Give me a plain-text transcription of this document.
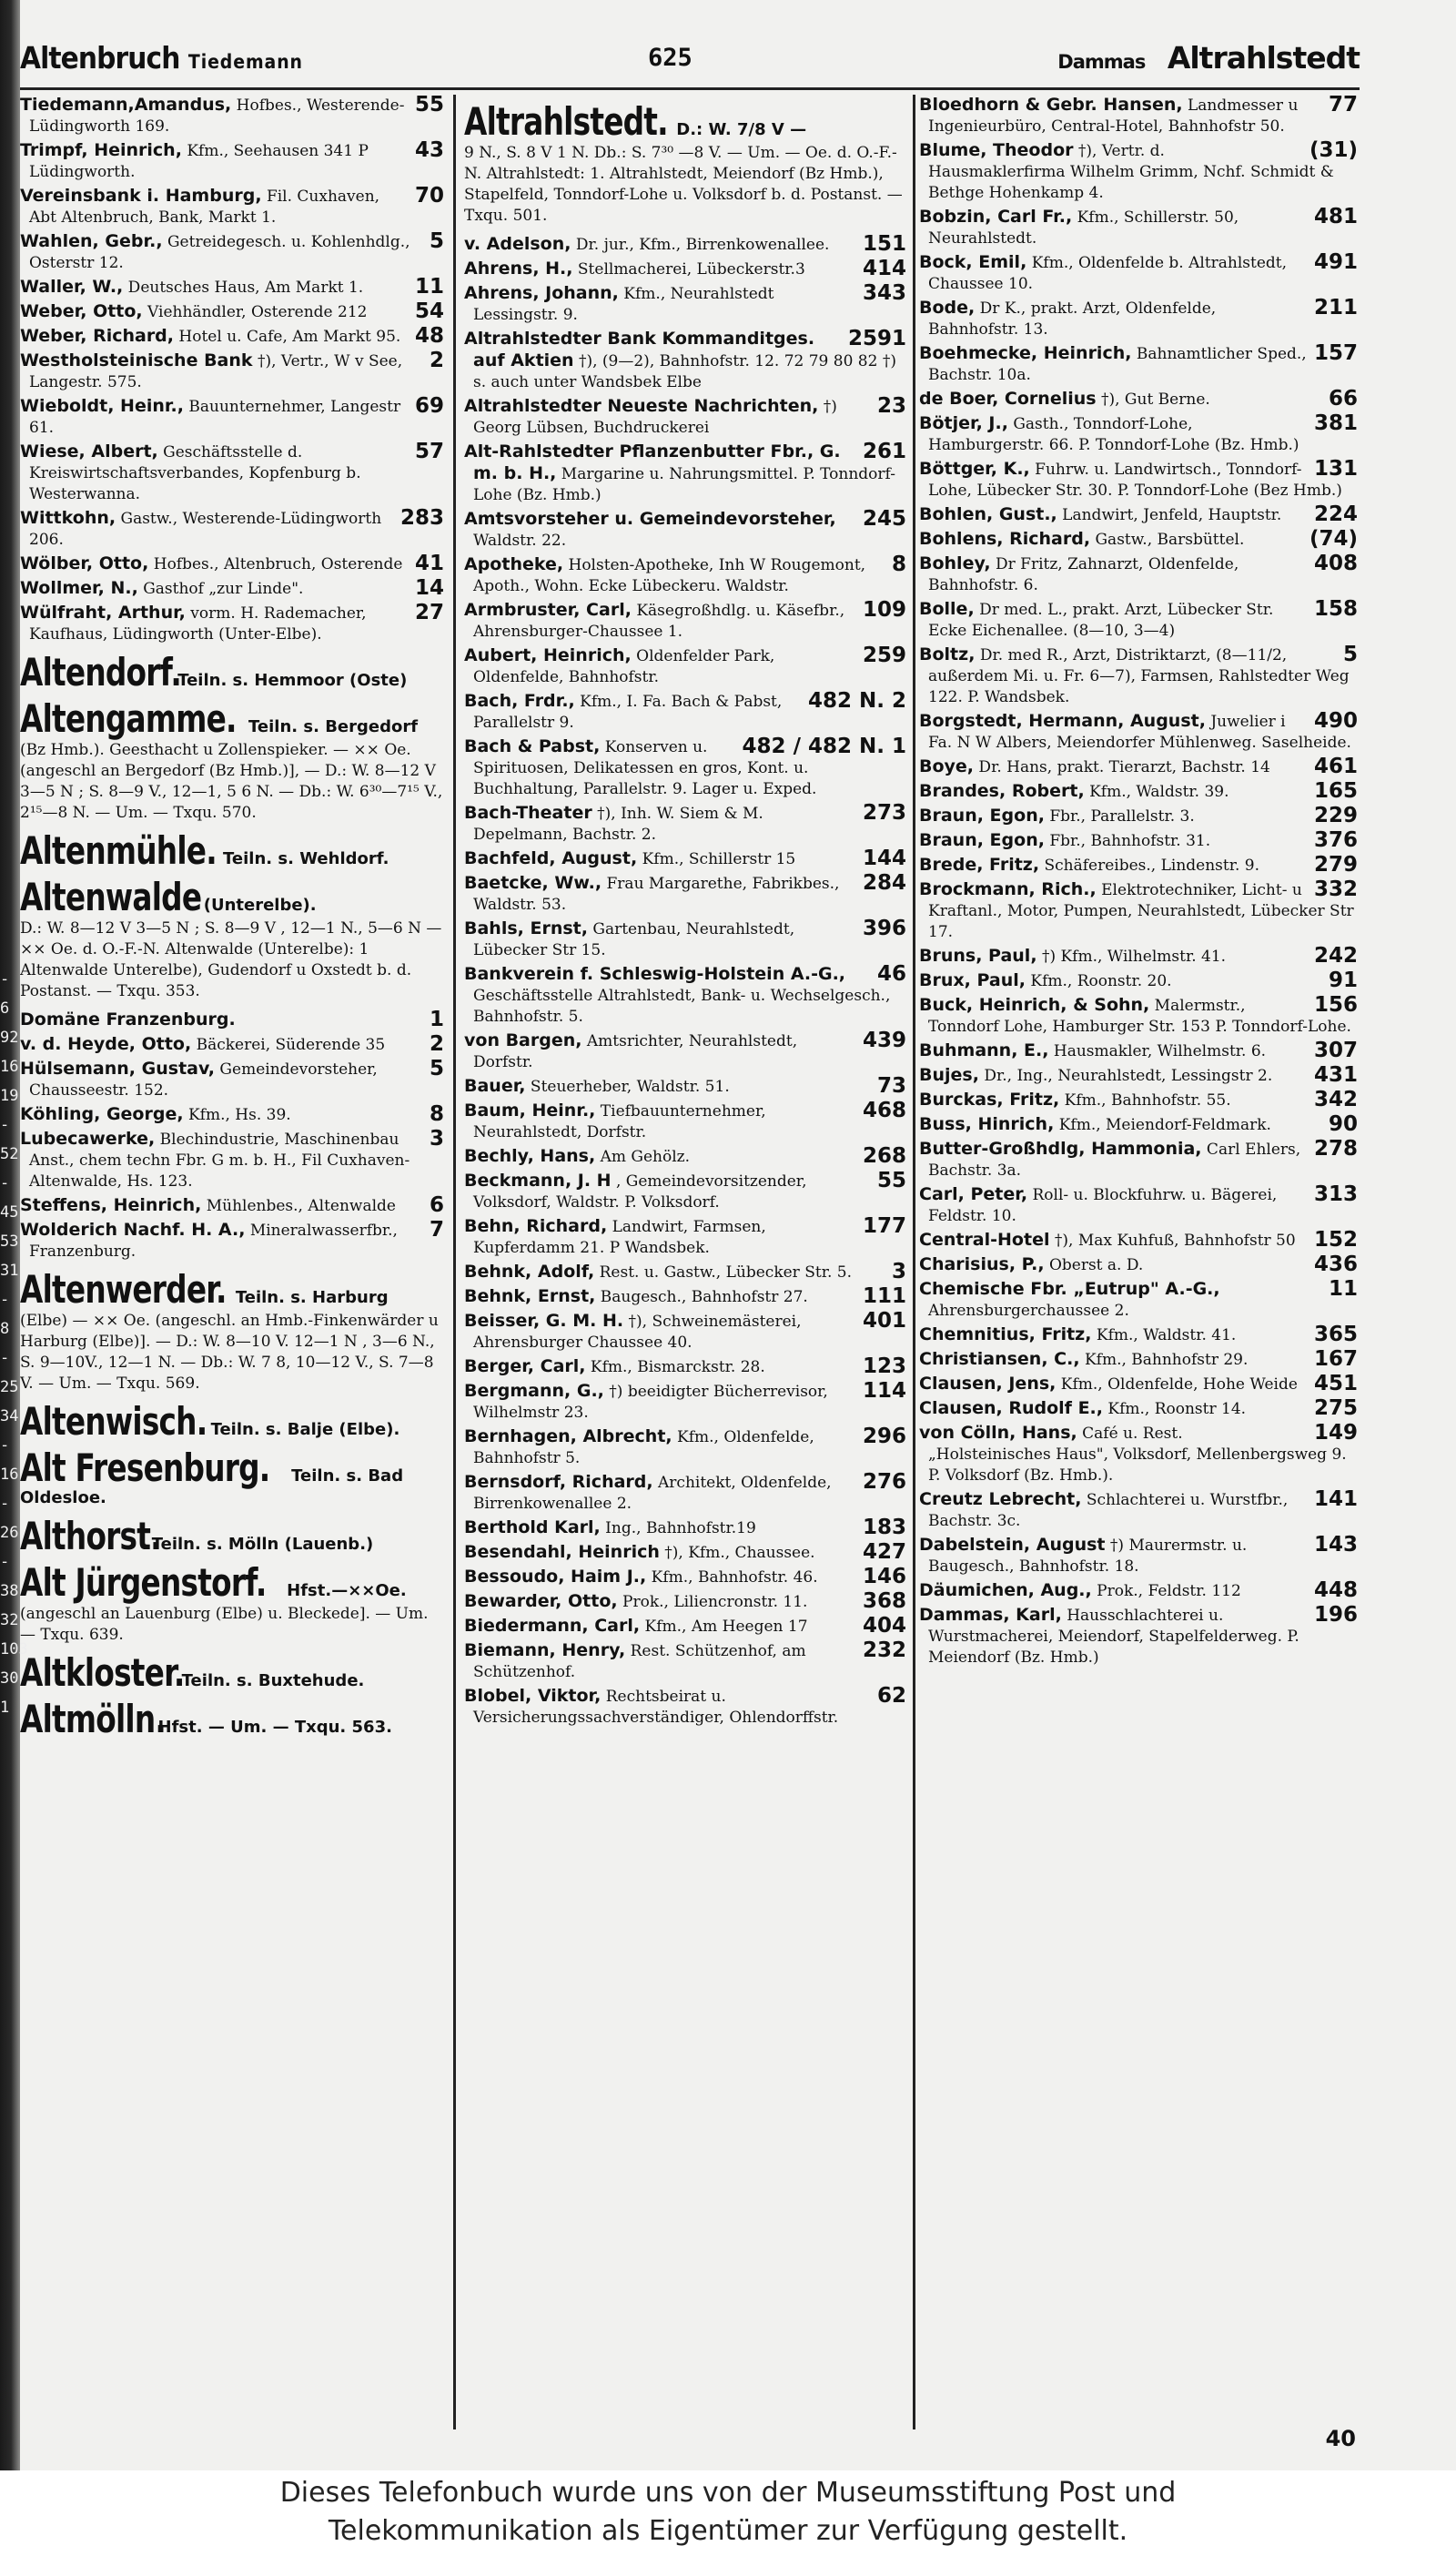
-
6
92
16
19
-
52
-
45
53
31
-
8
-
25
34
-
16
-
26
-
38
32
103
30
1
Altenbruch Tiedemann	625	Dammas Altrahlstedt
55
Tiedemann,Amandus, Hofbes., Westerende-Lüdingworth 169.
43
Trimpf, Heinrich, Kfm., Seehausen 341 P Lüdingworth.
70
Vereinsbank i. Hamburg, Fil. Cuxhaven, Abt Altenbruch, Bank, Markt 1.
5
Wahlen, Gebr., Getreidegesch. u. Kohlenhdlg., Osterstr 12.
11
Waller, W., Deutsches Haus, Am Markt 1.
54
Weber, Otto, Viehhändler, Osterende 212
48
Weber, Richard, Hotel u. Cafe, Am Markt 95.
2
Westholsteinische Bank †), Vertr., W v See, Langestr. 575.
69
Wieboldt, Heinr., Bauunternehmer, Langestr 61.
57
Wiese, Albert, Geschäftsstelle d. Kreiswirtschaftsverbandes, Kopfenburg b. Westerwanna.
283
Wittkohn, Gastw., Westerende-Lüdingworth 206.
41
Wölber, Otto, Hofbes., Altenbruch, Osterende
14
Wollmer, N., Gasthof „zur Linde".
27
Wülfraht, Arthur, vorm. H. Rademacher, Kaufhaus, Lüdingworth (Unter-Elbe).
Altendorf. Teiln. s. Hemmoor (Oste)
Altengamme. Teiln. s. Bergedorf
(Bz Hmb.). Geesthacht u Zollenspieker. — ×× Oe. (angeschl an Bergedorf (Bz Hmb.)], — D.: W. 8—12 V 3—5 N ; S. 8—9 V., 12—1, 5 6 N. — Db.: W. 6³⁰—7¹⁵ V., 2¹⁵—8 N. — Um. — Txqu. 570.
Altenmühle. Teiln. s. Wehldorf.
Altenwalde (Unterelbe).
D.: W. 8—12 V 3—5 N ; S. 8—9 V , 12—1 N., 5—6 N — ×× Oe. d. O.-F.-N. Altenwalde (Unterelbe): 1 Altenwalde Unterelbe), Gudendorf u Oxstedt b. d. Postanst. — Txqu. 353.
1
Domäne Franzenburg.
2
v. d. Heyde, Otto, Bäckerei, Süderende 35
5
Hülsemann, Gustav, Gemeindevorsteher, Chausseestr. 152.
8
Köhling, George, Kfm., Hs. 39.
3
Lubecawerke, Blechindustrie, Maschinenbau Anst., chem techn Fbr. G m. b. H., Fil Cuxhaven-Altenwalde, Hs. 123.
6
Steffens, Heinrich, Mühlenbes., Altenwalde
7
Wolderich Nachf. H. A., Mineralwasserfbr., Franzenburg.
Altenwerder. Teiln. s. Harburg
(Elbe) — ×× Oe. (angeschl. an Hmb.-Finkenwärder u Harburg (Elbe)]. — D.: W. 8—10 V. 12—1 N , 3—6 N., S. 9—10V., 12—1 N. — Db.: W. 7 8, 10—12 V., S. 7—8 V. — Um. — Txqu. 569.
Altenwisch. Teiln. s. Balje (Elbe).
Alt Fresenburg. Teiln. s. Bad Oldesloe.
Althorst. Teiln. s. Mölln (Lauenb.)
Alt Jürgenstorf. Hfst.—××Oe.
(angeschl an Lauenburg (Elbe) u. Bleckede]. — Um. — Txqu. 639.
Altkloster. Teiln. s. Buxtehude.
Altmölln. Hfst. — Um. — Txqu. 563.
Altrahlstedt. D.: W. 7/8 V —
9 N., S. 8 V 1 N. Db.: S. 7³⁰ —8 V. — Um. — Oe. d. O.-F.-N. Altrahlstedt: 1. Altrahlstedt, Meiendorf (Bz Hmb.), Stapelfeld, Tonndorf-Lohe u. Volksdorf b. d. Postanst. — Txqu. 501.
151
v. Adelson, Dr. jur., Kfm., Birrenkowenallee.
414
Ahrens, H., Stellmacherei, Lübeckerstr.3
343
Ahrens, Johann, Kfm., Neurahlstedt Lessingstr. 9.
2591
Altrahlstedter Bank Kommanditges. auf Aktien †), (9—2), Bahnhofstr. 12. 72 79 80 82 †) s. auch unter Wandsbek Elbe
23
Altrahlstedter Neueste Nachrichten, †) Georg Lübsen, Buchdruckerei
261
Alt-Rahlstedter Pflanzenbutter Fbr., G. m. b. H., Margarine u. Nahrungsmittel. P. Tonndorf-Lohe (Bz. Hmb.)
245
Amtsvorsteher u. Gemeindevorsteher, Waldstr. 22.
8
Apotheke, Holsten-Apotheke, Inh W Rougemont, Apoth., Wohn. Ecke Lübeckeru. Waldstr.
109
Armbruster, Carl, Käsegroßhdlg. u. Käsefbr., Ahrensburger-Chaussee 1.
259
Aubert, Heinrich, Oldenfelder Park, Oldenfelde, Bahnhofstr.
482 N. 2
Bach, Frdr., Kfm., I. Fa. Bach & Pabst, Parallelstr 9.
482 / 482 N. 1
Bach & Pabst, Konserven u. Spirituosen, Delikatessen en gros, Kont. u. Buchhaltung, Parallelstr. 9. Lager u. Exped.
273
Bach-Theater †), Inh. W. Siem & M. Depelmann, Bachstr. 2.
144
Bachfeld, August, Kfm., Schillerstr 15
284
Baetcke, Ww., Frau Margarethe, Fabrikbes., Waldstr. 53.
396
Bahls, Ernst, Gartenbau, Neurahlstedt, Lübecker Str 15.
46
Bankverein f. Schleswig-Holstein A.-G., Geschäftsstelle Altrahlstedt, Bank- u. Wechselgesch., Bahnhofstr. 5.
439
von Bargen, Amtsrichter, Neurahlstedt, Dorfstr.
73
Bauer, Steuerheber, Waldstr. 51.
468
Baum, Heinr., Tiefbauunternehmer, Neurahlstedt, Dorfstr.
268
Bechly, Hans, Am Gehölz.
55
Beckmann, J. H , Gemeindevorsitzender, Volksdorf, Waldstr. P. Volksdorf.
177
Behn, Richard, Landwirt, Farmsen, Kupferdamm 21. P Wandsbek.
3
Behnk, Adolf, Rest. u. Gastw., Lübecker Str. 5.
111
Behnk, Ernst, Baugesch., Bahnhofstr 27.
401
Beisser, G. M. H. †), Schweinemästerei, Ahrensburger Chaussee 40.
123
Berger, Carl, Kfm., Bismarckstr. 28.
114
Bergmann, G., †) beeidigter Bücherrevisor, Wilhelmstr 23.
296
Bernhagen, Albrecht, Kfm., Oldenfelde, Bahnhofstr 5.
276
Bernsdorf, Richard, Architekt, Oldenfelde, Birrenkowenallee 2.
183
Berthold Karl, Ing., Bahnhofstr.19
427
Besendahl, Heinrich †), Kfm., Chaussee.
146
Bessoudo, Haim J., Kfm., Bahnhofstr. 46.
368
Bewarder, Otto, Prok., Liliencronstr. 11.
404
Biedermann, Carl, Kfm., Am Heegen 17
232
Biemann, Henry, Rest. Schützenhof, am Schützenhof.
62
Blobel, Viktor, Rechtsbeirat u. Versicherungssachverständiger, Ohlendorffstr.
77
Bloedhorn & Gebr. Hansen, Landmesser u Ingenieurbüro, Central-Hotel, Bahnhofstr 50.
(31)
Blume, Theodor †), Vertr. d. Hausmaklerfirma Wilhelm Grimm, Nchf. Schmidt & Bethge Hohenkamp 4.
481
Bobzin, Carl Fr., Kfm., Schillerstr. 50, Neurahlstedt.
491
Bock, Emil, Kfm., Oldenfelde b. Altrahlstedt, Chaussee 10.
211
Bode, Dr K., prakt. Arzt, Oldenfelde, Bahnhofstr. 13.
157
Boehmecke, Heinrich, Bahnamtlicher Sped., Bachstr. 10a.
66
de Boer, Cornelius †), Gut Berne.
381
Bötjer, J., Gasth., Tonndorf-Lohe, Hamburgerstr. 66. P. Tonndorf-Lohe (Bz. Hmb.)
131
Böttger, K., Fuhrw. u. Landwirtsch., Tonndorf-Lohe, Lübecker Str. 30. P. Tonndorf-Lohe (Bez Hmb.)
224
Bohlen, Gust., Landwirt, Jenfeld, Hauptstr.
(74)
Bohlens, Richard, Gastw., Barsbüttel.
408
Bohley, Dr Fritz, Zahnarzt, Oldenfelde, Bahnhofstr. 6.
158
Bolle, Dr med. L., prakt. Arzt, Lübecker Str. Ecke Eichenallee. (8—10, 3—4)
5
Boltz, Dr. med R., Arzt, Distriktarzt, (8—11/2, außerdem Mi. u. Fr. 6—7), Farmsen, Rahlstedter Weg 122. P. Wandsbek.
490
Borgstedt, Hermann, August, Juwelier i Fa. N W Albers, Meiendorfer Mühlenweg. Saselheide.
461
Boye, Dr. Hans, prakt. Tierarzt, Bachstr. 14
165
Brandes, Robert, Kfm., Waldstr. 39.
229
Braun, Egon, Fbr., Parallelstr. 3.
376
Braun, Egon, Fbr., Bahnhofstr. 31.
279
Brede, Fritz, Schäfereibes., Lindenstr. 9.
332
Brockmann, Rich., Elektrotechniker, Licht- u Kraftanl., Motor, Pumpen, Neurahlstedt, Lübecker Str 17.
242
Bruns, Paul, †) Kfm., Wilhelmstr. 41.
91
Brux, Paul, Kfm., Roonstr. 20.
156
Buck, Heinrich, & Sohn, Malermstr., Tonndorf Lohe, Hamburger Str. 153 P. Tonndorf-Lohe.
307
Buhmann, E., Hausmakler, Wilhelmstr. 6.
431
Bujes, Dr., Ing., Neurahlstedt, Lessingstr 2.
342
Burckas, Fritz, Kfm., Bahnhofstr. 55.
90
Buss, Hinrich, Kfm., Meiendorf-Feldmark.
278
Butter-Großhdlg, Hammonia, Carl Ehlers, Bachstr. 3a.
313
Carl, Peter, Roll- u. Blockfuhrw. u. Bägerei, Feldstr. 10.
152
Central-Hotel †), Max Kuhfuß, Bahnhofstr 50
436
Charisius, P., Oberst a. D.
11
Chemische Fbr. „Eutrup" A.-G., Ahrensburgerchaussee 2.
365
Chemnitius, Fritz, Kfm., Waldstr. 41.
167
Christiansen, C., Kfm., Bahnhofstr 29.
451
Clausen, Jens, Kfm., Oldenfelde, Hohe Weide
275
Clausen, Rudolf E., Kfm., Roonstr 14.
149
von Cölln, Hans, Café u. Rest. „Holsteinisches Haus", Volksdorf, Mellenbergsweg 9. P. Volksdorf (Bz. Hmb.).
141
Creutz Lebrecht, Schlachterei u. Wurstfbr., Bachstr. 3c.
143
Dabelstein, August †) Maurermstr. u. Baugesch., Bahnhofstr. 18.
448
Däumichen, Aug., Prok., Feldstr. 112
196
Dammas, Karl, Hausschlachterei u. Wurstmacherei, Meiendorf, Stapelfelderweg. P. Meiendorf (Bz. Hmb.)
40
Dieses Telefonbuch wurde uns von der Museumsstiftung Post und
Telekommunikation als Eigentümer zur Verfügung gestellt.
